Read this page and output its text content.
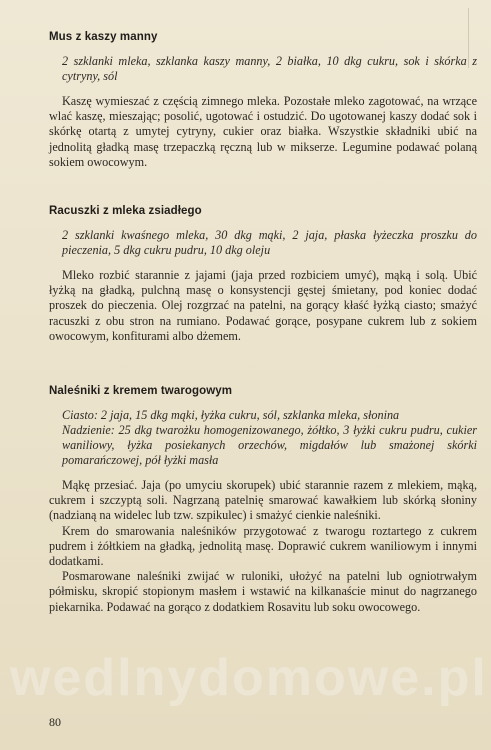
Mus z kaszy manny

2 szklanki mleka, szklanka kaszy manny, 2 białka, 10 dkg cukru, sok i skórka z cytryny, sól

Kaszę wymieszać z częścią zimnego mleka. Pozostałe mleko zagotować, na wrzące wlać kaszę, mieszając; posolić, ugotować i ostudzić. Do ugotowanej kaszy dodać sok i skórkę otartą z umytej cytryny, cukier oraz białka. Wszystkie składniki ubić na jednolitą gładką masę trzepaczką ręczną lub w mikserze. Legumine podawać polaną sokiem owocowym.

Racuszki z mleka zsiadłego

2 szklanki kwaśnego mleka, 30 dkg mąki, 2 jaja, płaska łyżeczka proszku do pieczenia, 5 dkg cukru pudru, 10 dkg oleju

Mleko rozbić starannie z jajami (jaja przed rozbiciem umyć), mąką i solą. Ubić łyżką na gładką, pulchną masę o konsystencji gęstej śmietany, pod koniec dodać proszek do pieczenia. Olej rozgrzać na patelni, na gorący kłaść łyżką ciasto; smażyć racuszki z obu stron na rumiano. Podawać gorące, posypane cukrem lub z sokiem owocowym, konfiturami albo dżemem.

Naleśniki z kremem twarogowym

Ciasto: 2 jaja, 15 dkg mąki, łyżka cukru, sól, szklanka mleka, słonina

Nadzienie: 25 dkg twarożku homogenizowanego, żółtko, 3 łyżki cukru pudru, cukier waniliowy, łyżka posiekanych orzechów, migdałów lub smażonej skórki pomarańczowej, pół łyżki masła

Mąkę przesiać. Jaja (po umyciu skorupek) ubić starannie razem z mlekiem, mąką, cukrem i szczyptą soli. Nagrzaną patelnię smarować kawałkiem lub skórką słoniny (nadzianą na widelec lub tzw. szpikulec) i smażyć cienkie naleśniki.

Krem do smarowania naleśników przygotować z twarogu roztartego z cukrem pudrem i żółtkiem na gładką, jednolitą masę. Doprawić cukrem waniliowym i innymi dodatkami.

Posmarowane naleśniki zwijać w ruloniki, ułożyć na patelni lub ogniotrwałym półmisku, skropić stopionym masłem i wstawić na kilkanaście minut do nagrzanego piekarnika. Podawać na gorąco z dodatkiem Rosavitu lub soku owocowego.

wedlnydomowe.pl
80
